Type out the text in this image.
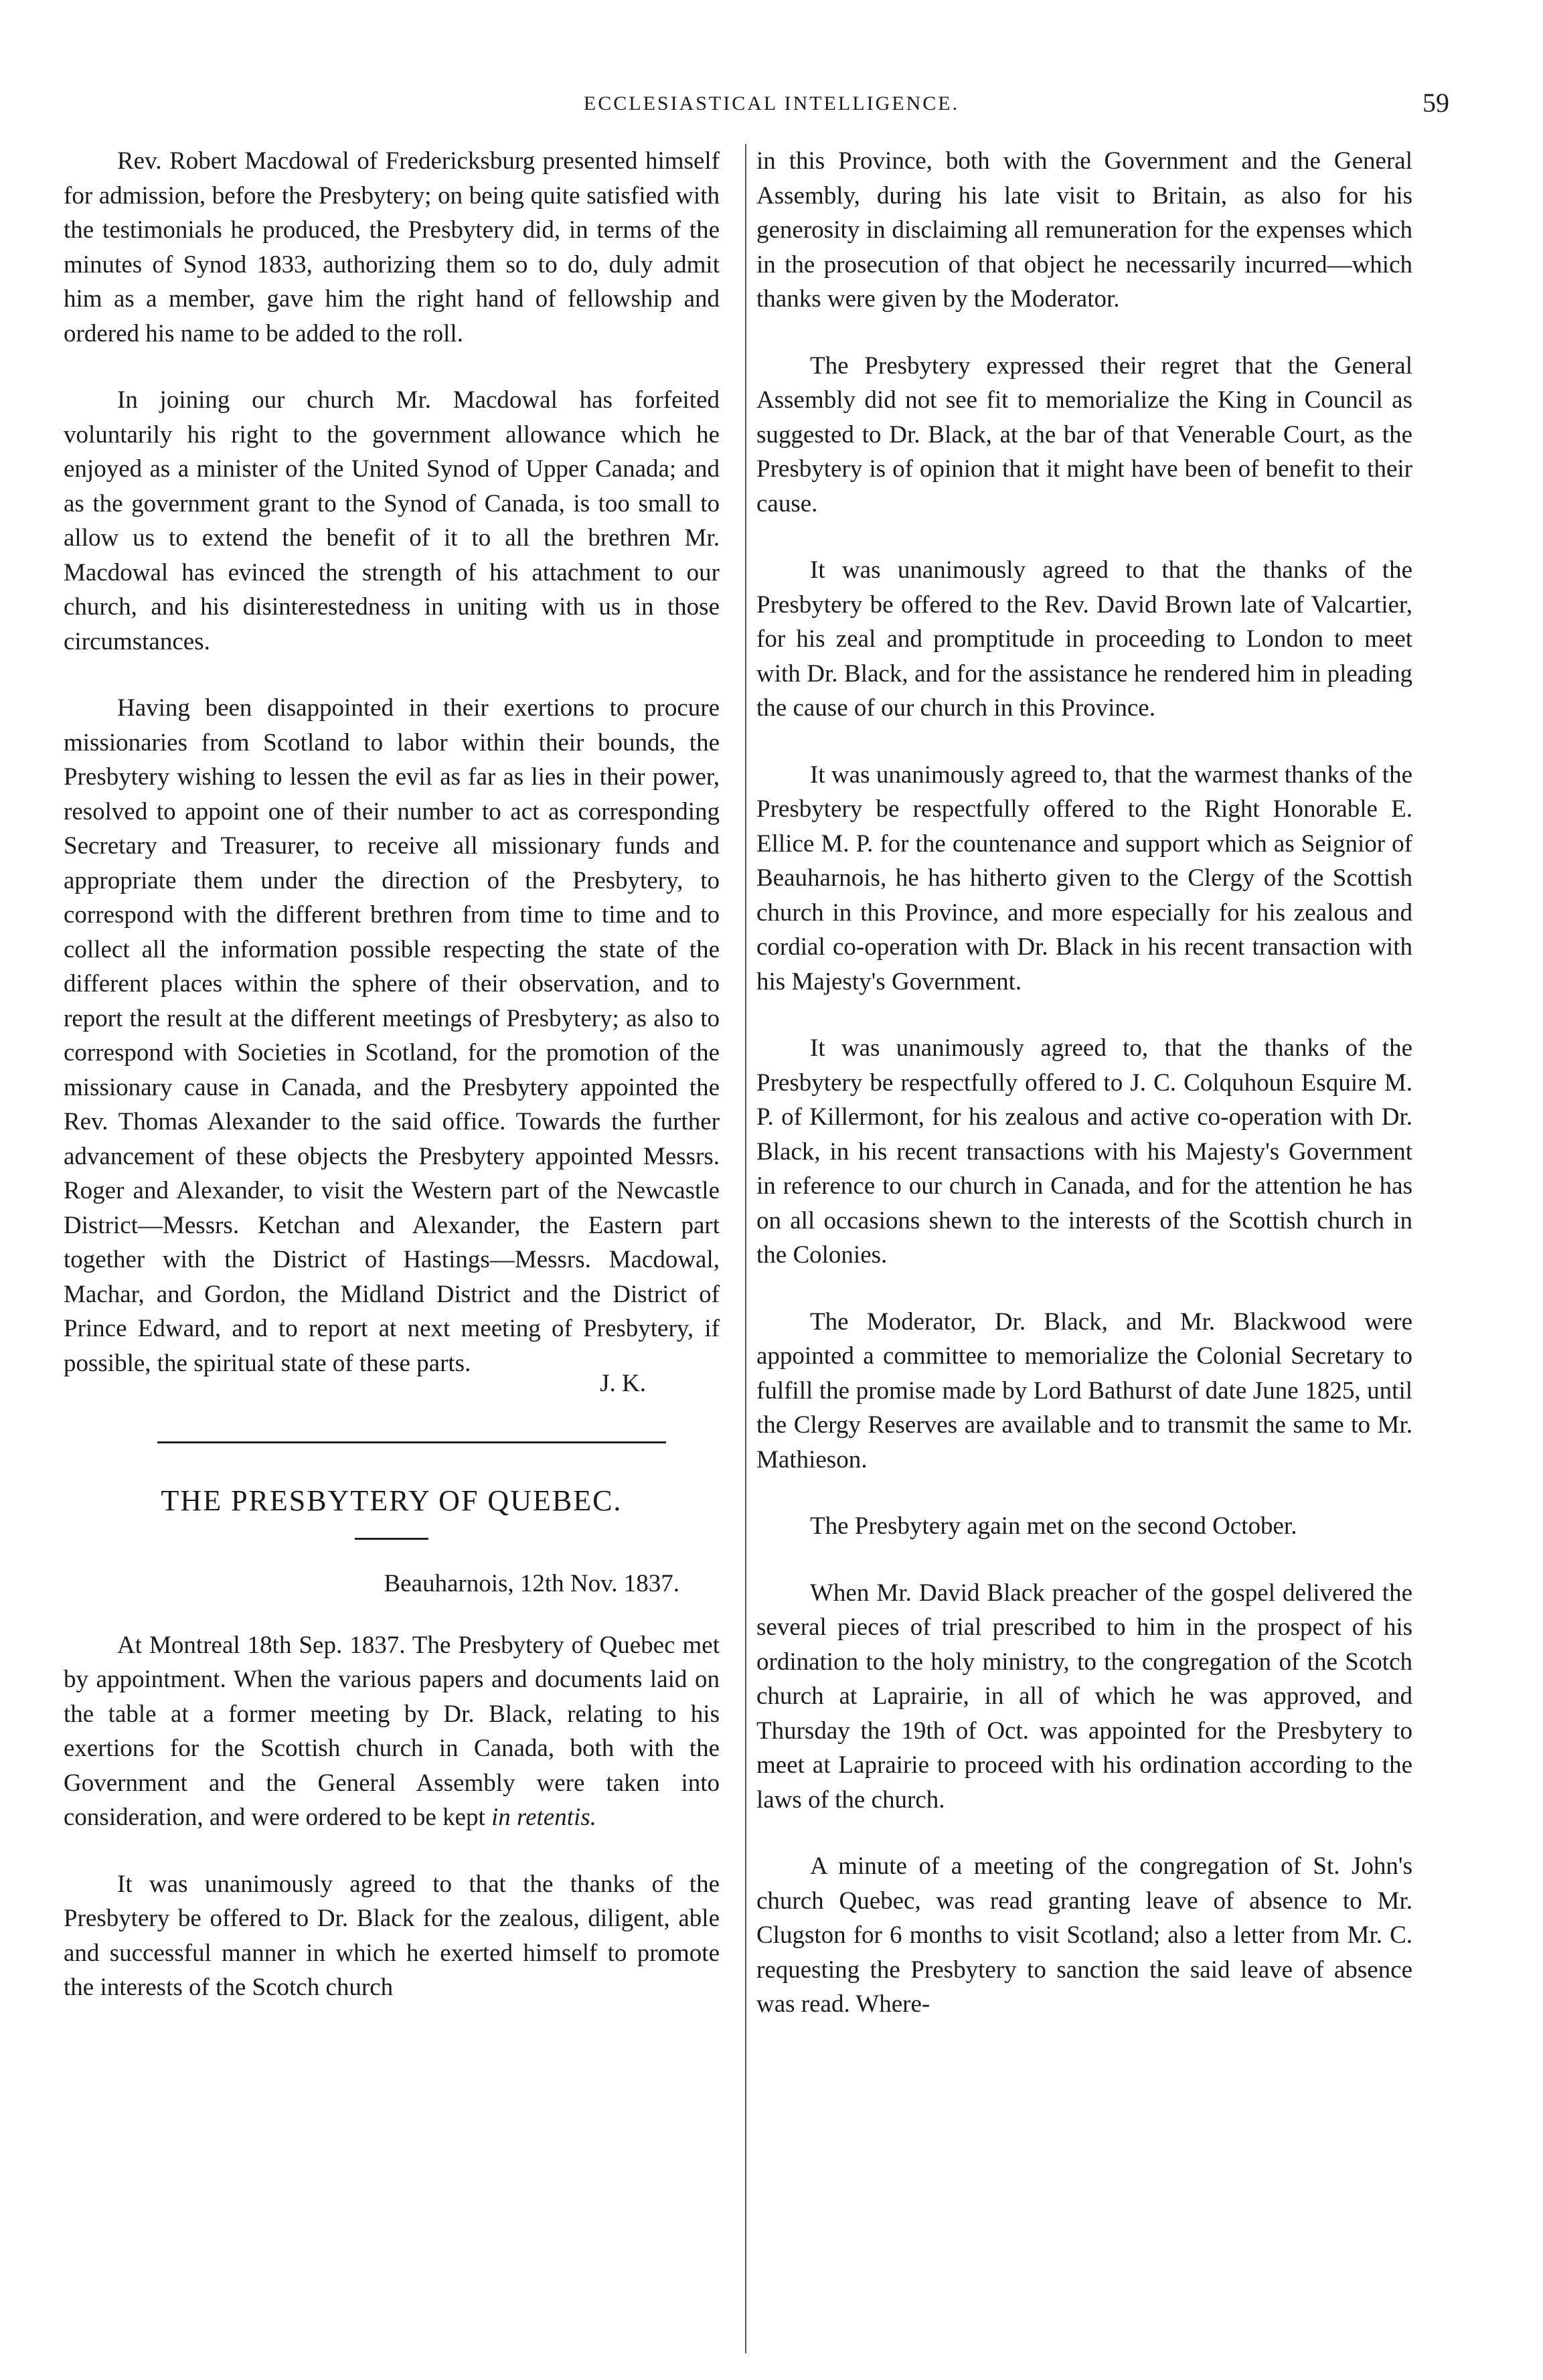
ECCLESIASTICAL INTELLIGENCE.	59

Rev. Robert Macdowal of Fredericksburg presented himself for admission, before the Presbytery; on being quite satisfied with the testimonials he produced, the Presbytery did, in terms of the minutes of Synod 1833, authorizing them so to do, duly admit him as a member, gave him the right hand of fellowship and ordered his name to be added to the roll.

In joining our church Mr. Macdowal has forfeited voluntarily his right to the government allowance which he enjoyed as a minister of the United Synod of Upper Canada; and as the government grant to the Synod of Canada, is too small to allow us to extend the benefit of it to all the brethren Mr. Macdowal has evinced the strength of his attachment to our church, and his disinterestedness in uniting with us in those circumstances.

Having been disappointed in their exertions to procure missionaries from Scotland to labor within their bounds, the Presbytery wishing to lessen the evil as far as lies in their power, resolved to appoint one of their number to act as corresponding Secretary and Treasurer, to receive all missionary funds and appropriate them under the direction of the Presbytery, to correspond with the different brethren from time to time and to collect all the information possible respecting the state of the different places within the sphere of their observation, and to report the result at the different meetings of Presbytery; as also to correspond with Societies in Scotland, for the promotion of the missionary cause in Canada, and the Presbytery appointed the Rev. Thomas Alexander to the said office. Towards the further advancement of these objects the Presbytery appointed Messrs. Roger and Alexander, to visit the Western part of the Newcastle District—Messrs. Ketchan and Alexander, the Eastern part together with the District of Hastings—Messrs. Macdowal, Machar, and Gordon, the Midland District and the District of Prince Edward, and to report at next meeting of Presbytery, if possible, the spiritual state of these parts.

J. K.
THE PRESBYTERY OF QUEBEC.

Beauharnois, 12th Nov. 1837.

At Montreal 18th Sep. 1837. The Presbytery of Quebec met by appointment. When the various papers and documents laid on the table at a former meeting by Dr. Black, relating to his exertions for the Scottish church in Canada, both with the Government and the General Assembly were taken into consideration, and were ordered to be kept in retentis.

It was unanimously agreed to that the thanks of the Presbytery be offered to Dr. Black for the zealous, diligent, able and successful manner in which he exerted himself to promote the interests of the Scotch church

in this Province, both with the Government and the General Assembly, during his late visit to Britain, as also for his generosity in disclaiming all remuneration for the expenses which in the prosecution of that object he necessarily incurred—which thanks were given by the Moderator.

The Presbytery expressed their regret that the General Assembly did not see fit to memorialize the King in Council as suggested to Dr. Black, at the bar of that Venerable Court, as the Presbytery is of opinion that it might have been of benefit to their cause.

It was unanimously agreed to that the thanks of the Presbytery be offered to the Rev. David Brown late of Valcartier, for his zeal and promptitude in proceeding to London to meet with Dr. Black, and for the assistance he rendered him in pleading the cause of our church in this Province.

It was unanimously agreed to, that the warmest thanks of the Presbytery be respectfully offered to the Right Honorable E. Ellice M. P. for the countenance and support which as Seignior of Beauharnois, he has hitherto given to the Clergy of the Scottish church in this Province, and more especially for his zealous and cordial co-operation with Dr. Black in his recent transaction with his Majesty's Government.

It was unanimously agreed to, that the thanks of the Presbytery be respectfully offered to J. C. Colquhoun Esquire M. P. of Killermont, for his zealous and active co-operation with Dr. Black, in his recent transactions with his Majesty's Government in reference to our church in Canada, and for the attention he has on all occasions shewn to the interests of the Scottish church in the Colonies.

The Moderator, Dr. Black, and Mr. Blackwood were appointed a committee to memorialize the Colonial Secretary to fulfill the promise made by Lord Bathurst of date June 1825, until the Clergy Reserves are available and to transmit the same to Mr. Mathieson.

The Presbytery again met on the second October.

When Mr. David Black preacher of the gospel delivered the several pieces of trial prescribed to him in the prospect of his ordination to the holy ministry, to the congregation of the Scotch church at Laprairie, in all of which he was approved, and Thursday the 19th of Oct. was appointed for the Presbytery to meet at Laprairie to proceed with his ordination according to the laws of the church.

A minute of a meeting of the congregation of St. John's church Quebec, was read granting leave of absence to Mr. Clugston for 6 months to visit Scotland; also a letter from Mr. C. requesting the Presbytery to sanction the said leave of absence was read. Where-
